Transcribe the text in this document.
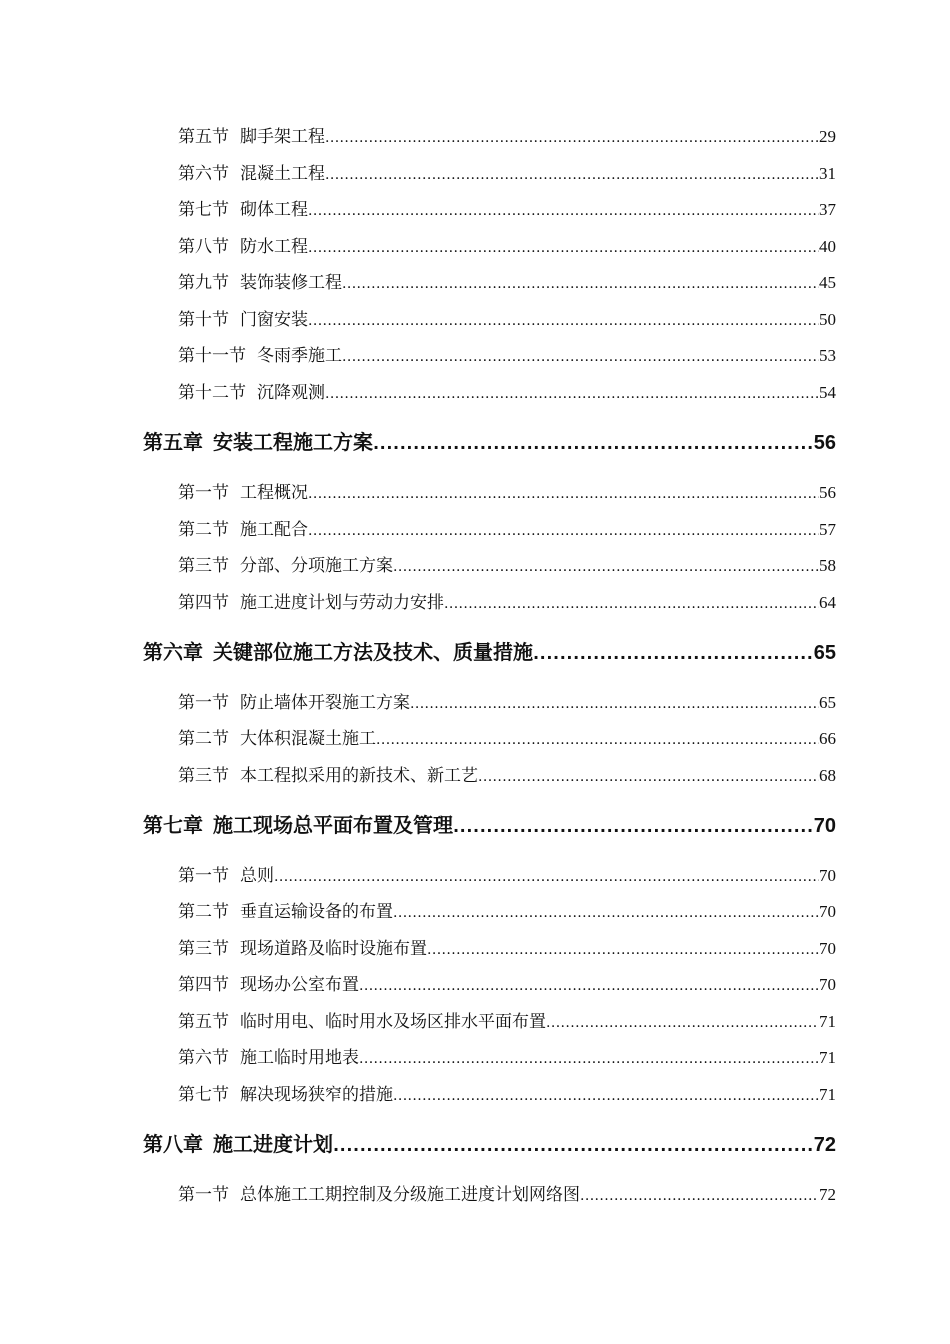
第五节 脚手架工程 .....	29
第六节 混凝土工程 .....	31
第七节 砌体工程 .....	37
第八节 防水工程 .....	40
第九节 装饰装修工程 .....	45
第十节 门窗安装 .....	50
第十一节 冬雨季施工 .....	53
第十二节 沉降观测 .....	54
第五章 安装工程施工方案 .....	56
第一节 工程概况 .....	56
第二节 施工配合 .....	57
第三节 分部、分项施工方案 .....	58
第四节 施工进度计划与劳动力安排 .....	64
第六章 关键部位施工方法及技术、质量措施 .....	65
第一节 防止墙体开裂施工方案 .....	65
第二节 大体积混凝土施工 .....	66
第三节 本工程拟采用的新技术、新工艺 .....	68
第七章 施工现场总平面布置及管理 .....	70
第一节 总则 .....	70
第二节 垂直运输设备的布置 .....	70
第三节 现场道路及临时设施布置 .....	70
第四节 现场办公室布置 .....	70
第五节 临时用电、临时用水及场区排水平面布置 .....	71
第六节 施工临时用地表 .....	71
第七节 解决现场狭窄的措施 .....	71
第八章 施工进度计划 .....	72
第一节 总体施工工期控制及分级施工进度计划网络图 .....	72
